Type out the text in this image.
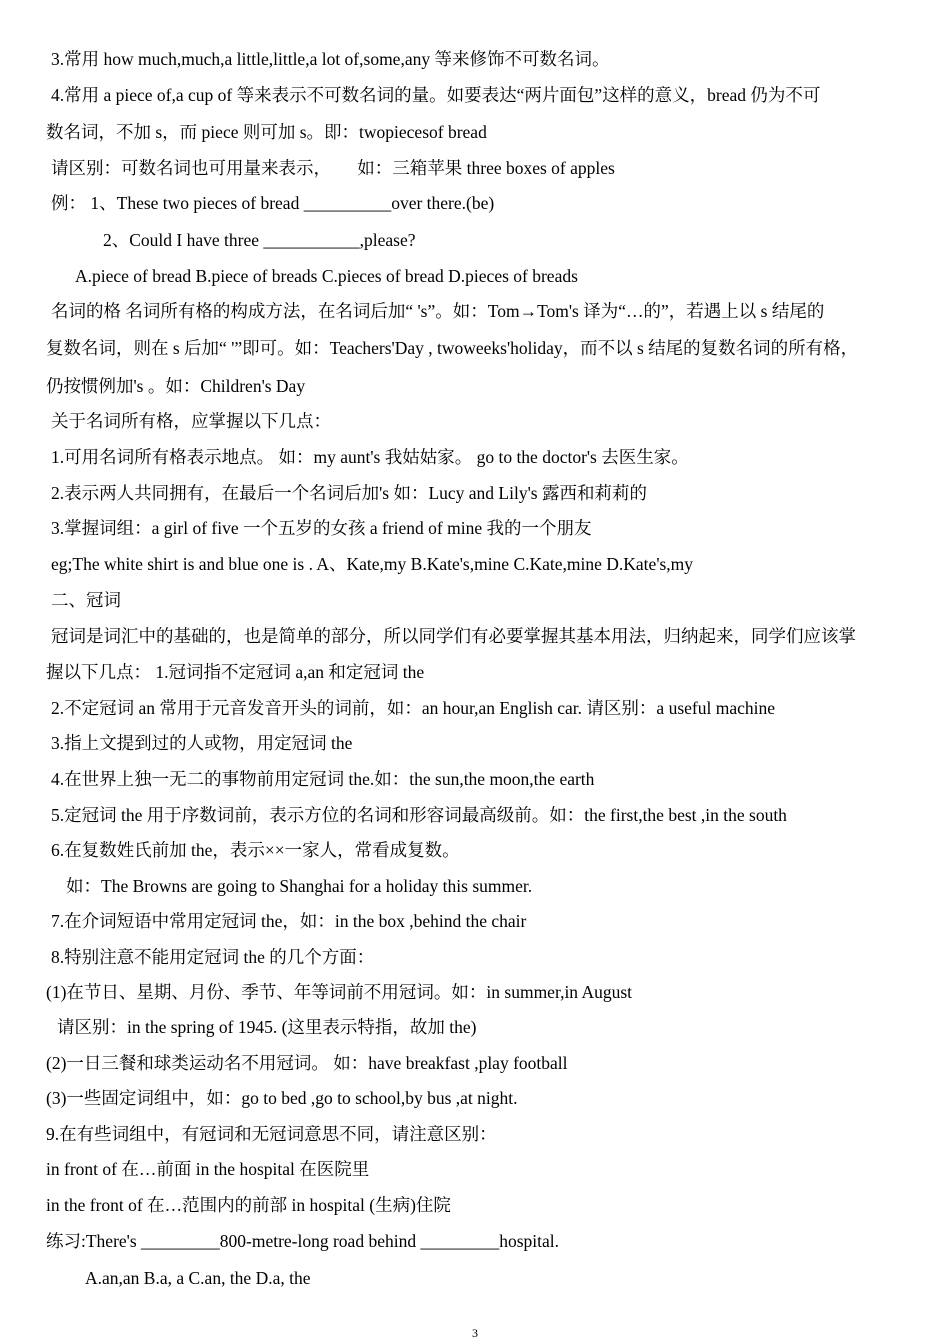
3.常用 how much,much,a little,little,a lot of,some,any 等来修饰不可数名词。
4.常用 a piece of,a cup of 等来表示不可数名词的量。如要表达“两片面包”这样的意义，bread 仍为不可
数名词，不加 s，而 piece 则可加 s。即：twopiecesof bread
请区别：可数名词也可用量来表示，　　如：三箱苹果 three boxes of apples
例： 1、These two pieces of bread __________over there.(be)
2、Could I have three ___________,please?
A.piece of bread B.piece of breads C.pieces of bread D.pieces of breads
名词的格 名词所有格的构成方法，在名词后加“ 's”。如：Tom→Tom's 译为“…的”，若遇上以 s 结尾的
复数名词，则在 s 后加“ '”即可。如：Teachers'Day , twoweeks'holiday，而不以 s 结尾的复数名词的所有格，
仍按惯例加's 。如：Children's Day
关于名词所有格，应掌握以下几点：
1.可用名词所有格表示地点。 如：my aunt's 我姑姑家。 go to the doctor's 去医生家。
2.表示两人共同拥有，在最后一个名词后加's 如：Lucy and Lily's 露西和莉莉的
3.掌握词组：a girl of five 一个五岁的女孩 a friend of mine 我的一个朋友
eg;The white shirt is and blue one is . A、Kate,my B.Kate's,mine C.Kate,mine D.Kate's,my
二、冠词
冠词是词汇中的基础的，也是简单的部分，所以同学们有必要掌握其基本用法，归纳起来，同学们应该掌
握以下几点： 1.冠词指不定冠词 a,an 和定冠词 the
2.不定冠词 an 常用于元音发音开头的词前，如：an hour,an English car. 请区别：a useful machine
3.指上文提到过的人或物，用定冠词 the
4.在世界上独一无二的事物前用定冠词 the.如：the sun,the moon,the earth
5.定冠词 the 用于序数词前，表示方位的名词和形容词最高级前。如：the first,the best ,in the south
6.在复数姓氏前加 the，表示××一家人，常看成复数。
如：The Browns are going to Shanghai for a holiday this summer.
7.在介词短语中常用定冠词 the，如：in the box ,behind the chair
8.特别注意不能用定冠词 the 的几个方面：
(1)在节日、星期、月份、季节、年等词前不用冠词。如：in summer,in August
请区别：in the spring of 1945. (这里表示特指，故加 the)
(2)一日三餐和球类运动名不用冠词。 如：have breakfast ,play football
(3)一些固定词组中，如：go to bed ,go to school,by bus ,at night.
9.在有些词组中，有冠词和无冠词意思不同，请注意区别：
in front of 在…前面 in the hospital 在医院里
in the front of 在…范围内的前部 in hospital (生病)住院
练习:There's _________800-metre-long road behind _________hospital.
A.an,an B.a, a C.an, the D.a, the
3
